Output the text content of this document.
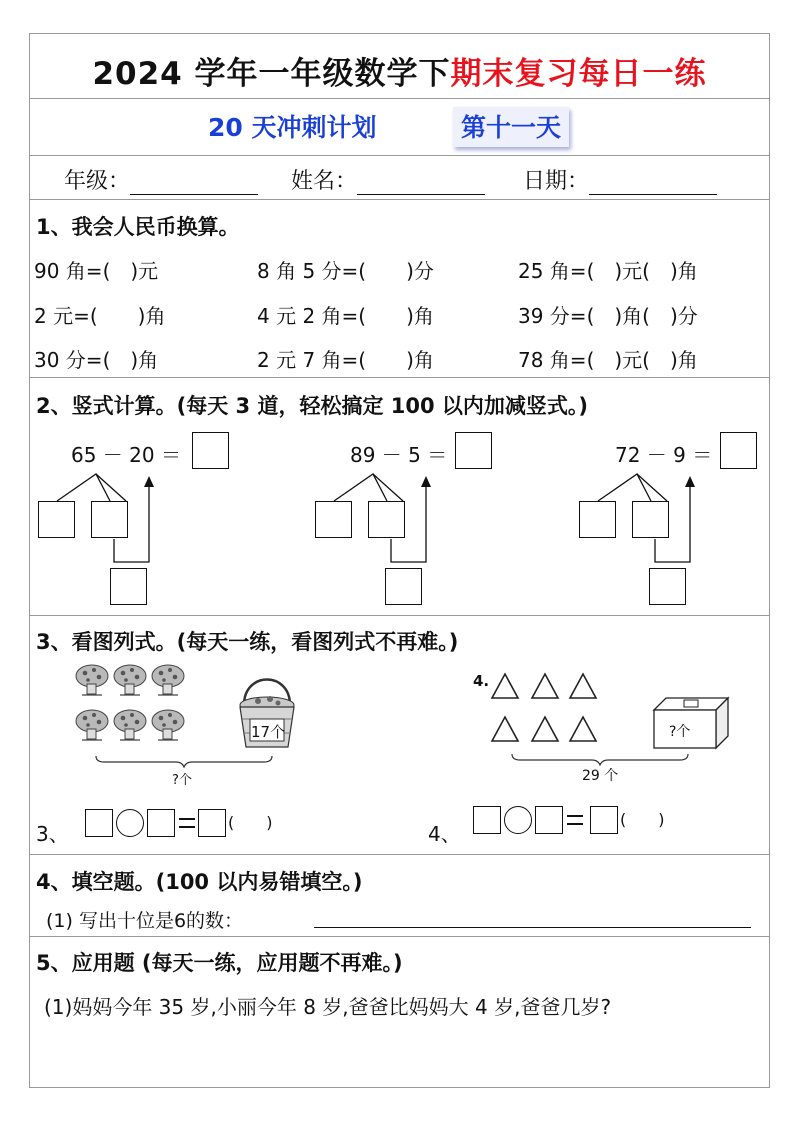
2024 学年一年级数学下期末复习每日一练
20 天冲刺计划	第十一天
年级：	姓名：	日期：
1、我会人民币换算。
90 角=(　)元	8 角 5 分=(　　)分	25 角=(　)元(　)角
2 元=(　　)角	4 元 2 角=(　　)角	39 分=(　)角(　)分
30 分=(　)角	2 元 7 角=(　　)角	78 角=(　)元(　)角
2、竖式计算。(每天 3 道，轻松搞定 100 以内加减竖式。)
65 － 20 ＝	89 － 5 ＝	72 － 9 ＝
3、看图列式。(每天一练，看图列式不再难。)
17个
?个
4.
?个
29 个
3、	(　　)	4、
(　　)
4、填空题。(100 以内易错填空。)
(1) 写出十位是6的数：
5、应用题 (每天一练，应用题不再难。)
(1)妈妈今年 35 岁,小丽今年 8 岁,爸爸比妈妈大 4 岁,爸爸几岁?
